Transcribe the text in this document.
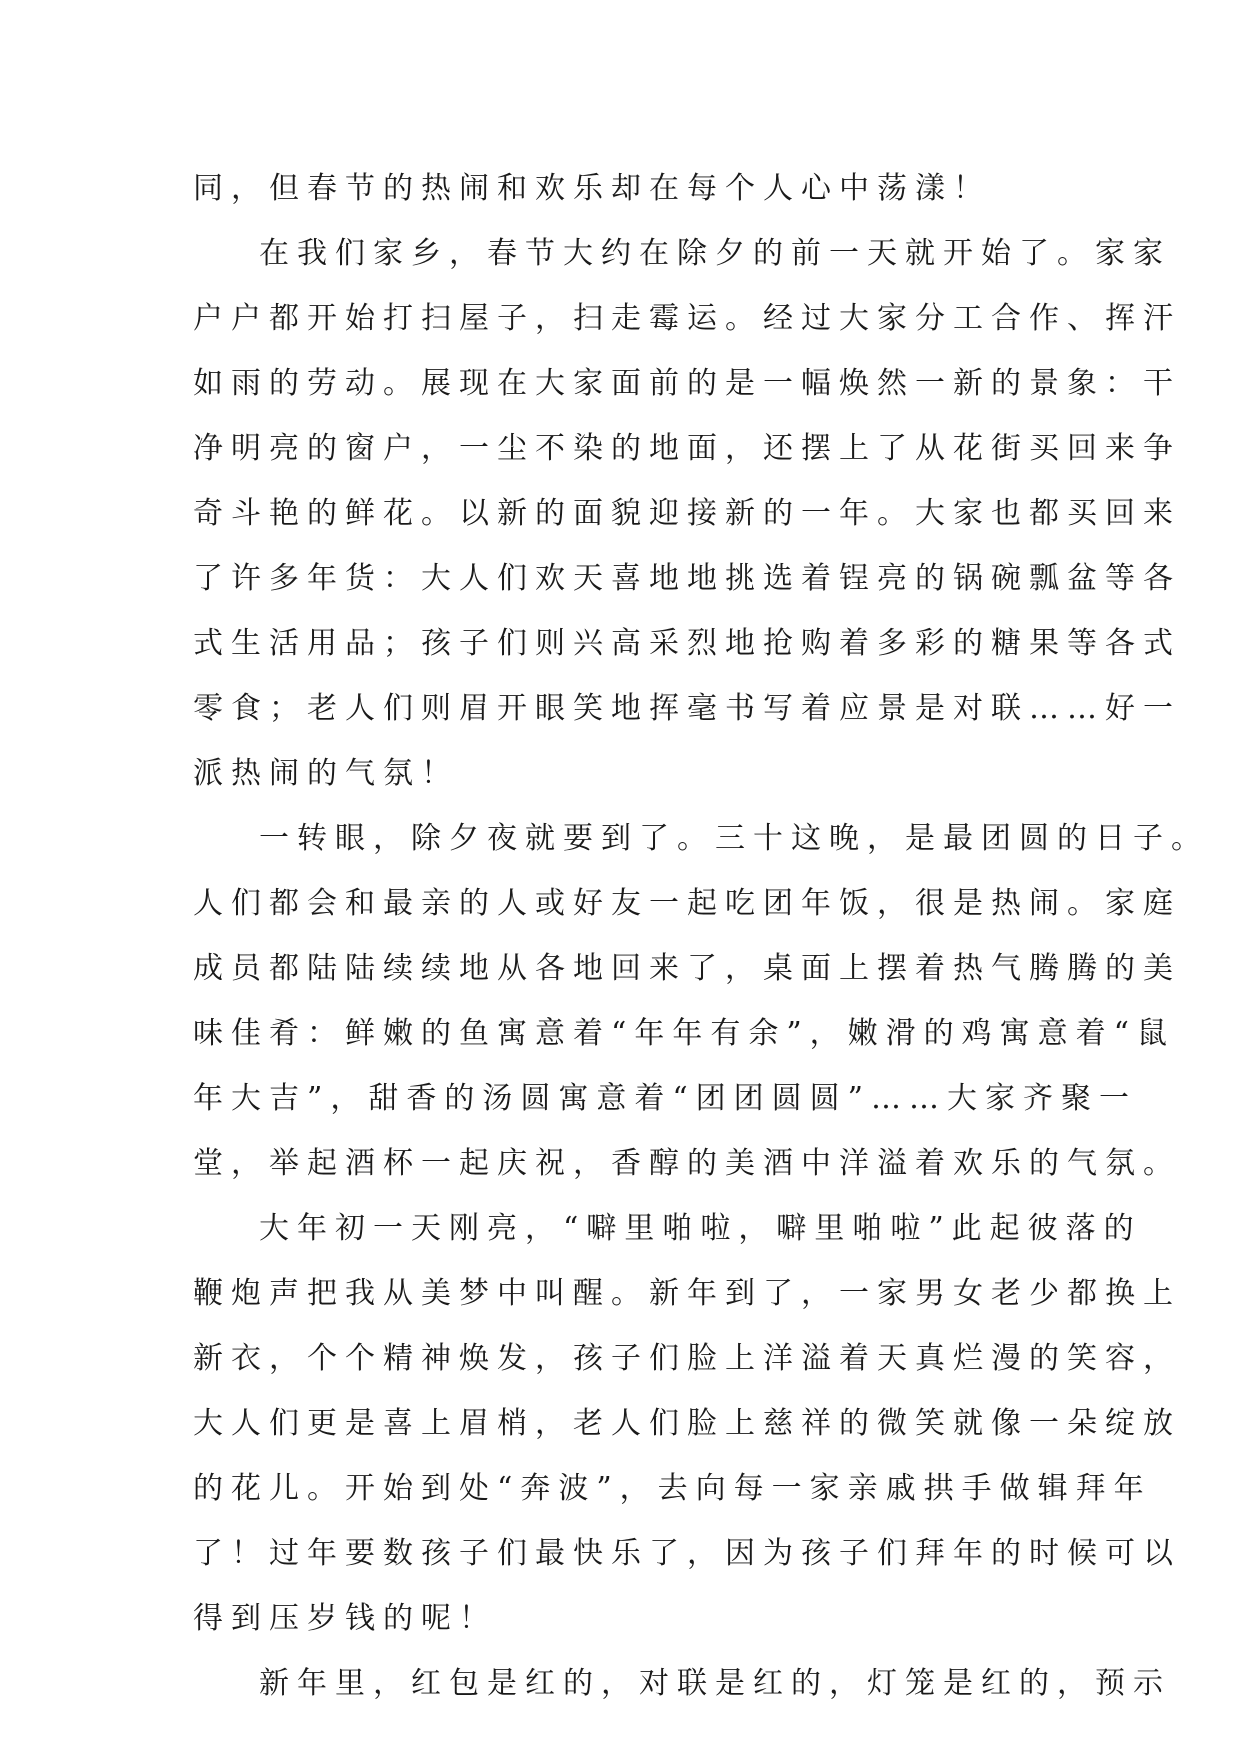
同，但春节的热闹和欢乐却在每个人心中荡漾！

在我们家乡，春节大约在除夕的前一天就开始了。家家

户户都开始打扫屋子，扫走霉运。经过大家分工合作、挥汗

如雨的劳动。展现在大家面前的是一幅焕然一新的景象：干

净明亮的窗户，一尘不染的地面，还摆上了从花街买回来争

奇斗艳的鲜花。以新的面貌迎接新的一年。大家也都买回来

了许多年货：大人们欢天喜地地挑选着锃亮的锅碗瓢盆等各

式生活用品；孩子们则兴高采烈地抢购着多彩的糖果等各式

零食；老人们则眉开眼笑地挥毫书写着应景是对联……好一

派热闹的气氛！

一转眼，除夕夜就要到了。三十这晚，是最团圆的日子。

人们都会和最亲的人或好友一起吃团年饭，很是热闹。家庭

成员都陆陆续续地从各地回来了，桌面上摆着热气腾腾的美

味佳肴：鲜嫩的鱼寓意着“年年有余”，嫩滑的鸡寓意着“鼠

年大吉”，甜香的汤圆寓意着“团团圆圆”……大家齐聚一

堂，举起酒杯一起庆祝，香醇的美酒中洋溢着欢乐的气氛。

大年初一天刚亮，“噼里啪啦，噼里啪啦”此起彼落的

鞭炮声把我从美梦中叫醒。新年到了，一家男女老少都换上

新衣，个个精神焕发，孩子们脸上洋溢着天真烂漫的笑容，

大人们更是喜上眉梢，老人们脸上慈祥的微笑就像一朵绽放

的花儿。开始到处“奔波”，去向每一家亲戚拱手做辑拜年

了！过年要数孩子们最快乐了，因为孩子们拜年的时候可以

得到压岁钱的呢！

新年里，红包是红的，对联是红的，灯笼是红的，预示
